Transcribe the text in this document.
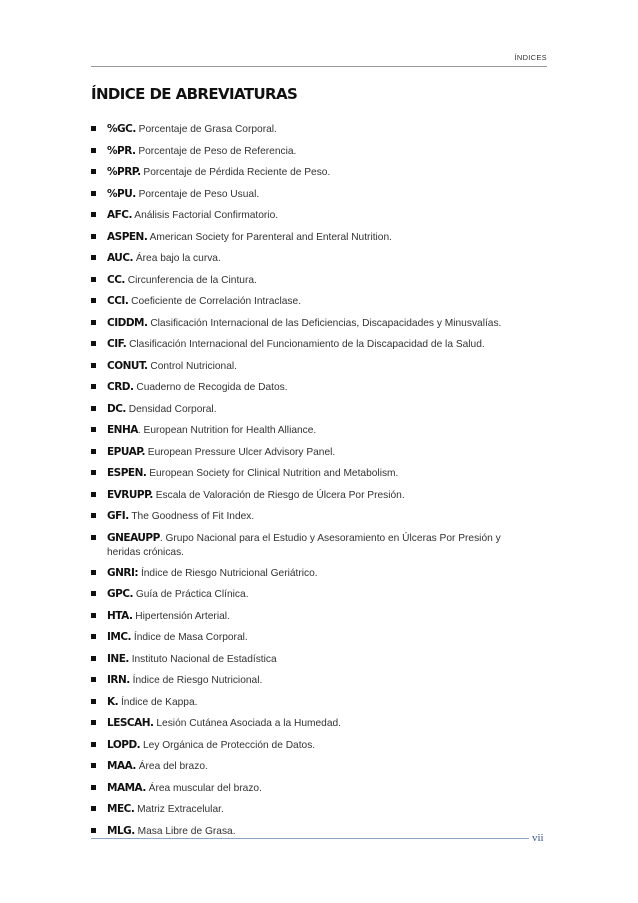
ÍNDICES
ÍNDICE DE ABREVIATURAS
%GC. Porcentaje de Grasa Corporal.
%PR. Porcentaje de Peso de Referencia.
%PRP. Porcentaje de Pérdida Reciente de Peso.
%PU. Porcentaje de Peso Usual.
AFC. Análisis Factorial Confirmatorio.
ASPEN. American Society for Parenteral and Enteral Nutrition.
AUC. Área bajo la curva.
CC. Circunferencia de la Cintura.
CCI. Coeficiente de Correlación Intraclase.
CIDDM. Clasificación Internacional de las Deficiencias, Discapacidades y Minusvalías.
CIF. Clasificación Internacional del Funcionamiento de la Discapacidad de la Salud.
CONUT. Control Nutricional.
CRD. Cuaderno de Recogida de Datos.
DC. Densidad Corporal.
ENHA. European Nutrition for Health Alliance.
EPUAP. European Pressure Ulcer Advisory Panel.
ESPEN. European Society for Clinical Nutrition and Metabolism.
EVRUPP. Escala de Valoración de Riesgo de Úlcera Por Presión.
GFI. The Goodness of Fit Index.
GNEAUPP. Grupo Nacional para el Estudio y Asesoramiento en Úlceras Por Presión y heridas crónicas.
GNRI: Índice de Riesgo Nutricional Geriátrico.
GPC. Guía de Práctica Clínica.
HTA. Hipertensión Arterial.
IMC. Índice de Masa Corporal.
INE. Instituto Nacional de Estadística
IRN. Índice de Riesgo Nutricional.
K. Índice de Kappa.
LESCAH. Lesión Cutánea Asociada a la Humedad.
LOPD. Ley Orgánica de Protección de Datos.
MAA. Área del brazo.
MAMA. Área muscular del brazo.
MEC. Matriz Extracelular.
MLG. Masa Libre de Grasa.
vii
